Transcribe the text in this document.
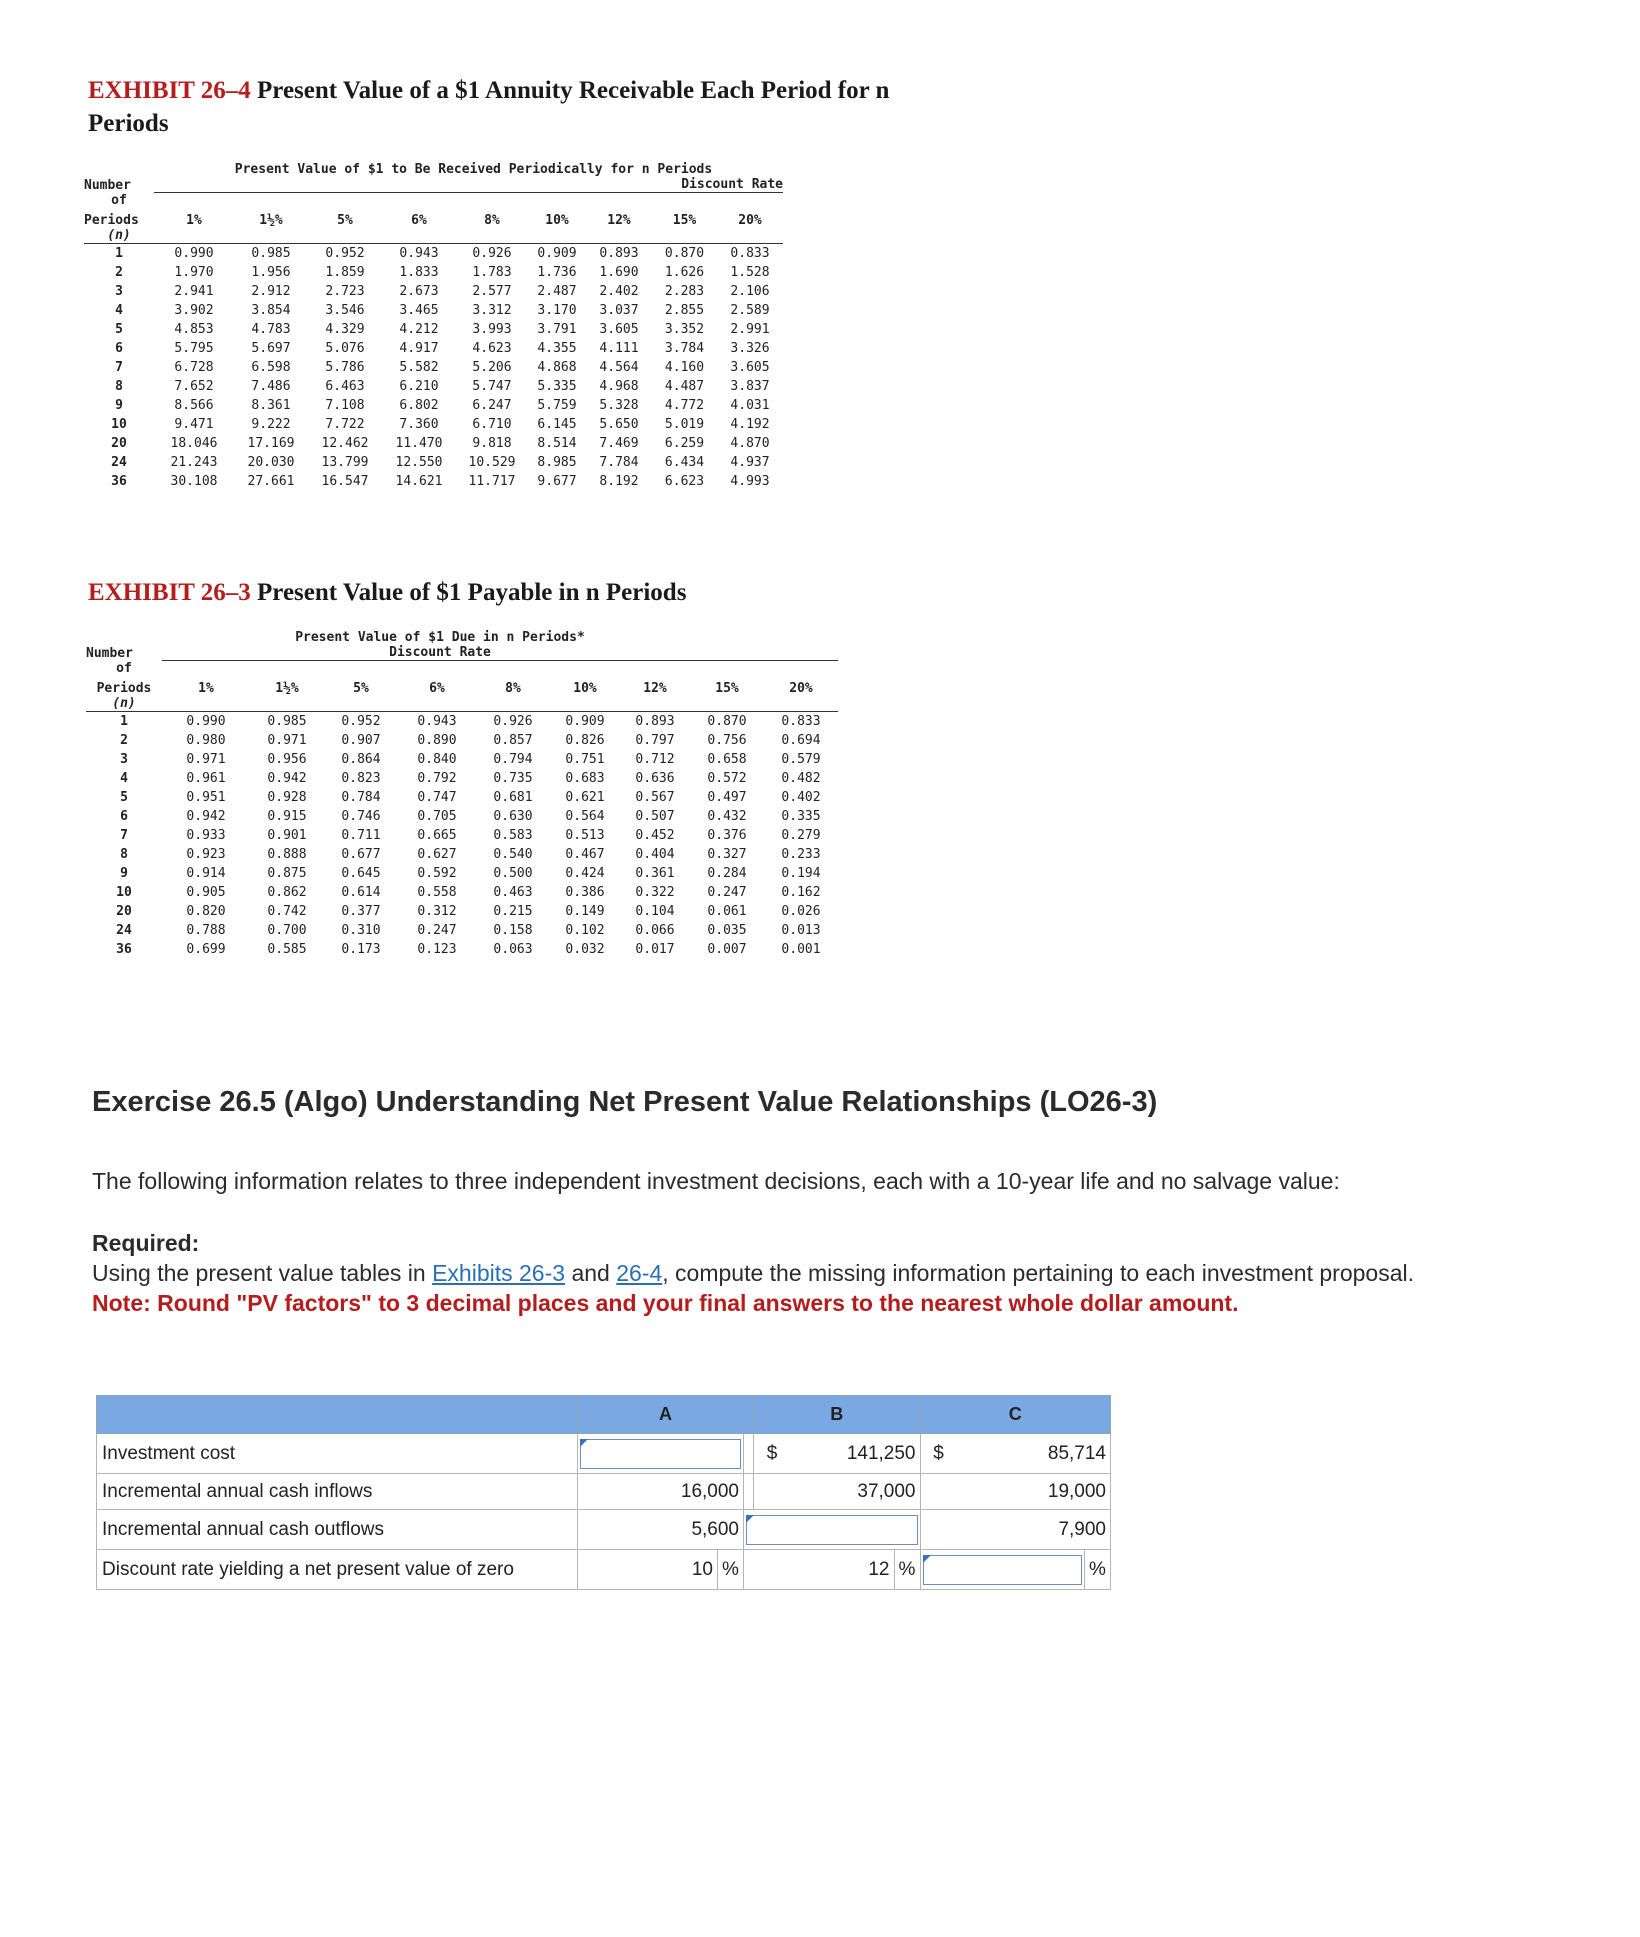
EXHIBIT 26–4 Present Value of a $1 Annuity Receivable Each Period for n
Periods
	Present Value of $1 to Be Received Periodically for n Periods								
Number	Discount Rate								
of									
Periods	1%	1½%	5%	6%	8%	10%	12%	15%	20%
(n)									
1	0.990	0.985	0.952	0.943	0.926	0.909	0.893	0.870	0.833
2	1.970	1.956	1.859	1.833	1.783	1.736	1.690	1.626	1.528
3	2.941	2.912	2.723	2.673	2.577	2.487	2.402	2.283	2.106
4	3.902	3.854	3.546	3.465	3.312	3.170	3.037	2.855	2.589
5	4.853	4.783	4.329	4.212	3.993	3.791	3.605	3.352	2.991
6	5.795	5.697	5.076	4.917	4.623	4.355	4.111	3.784	3.326
7	6.728	6.598	5.786	5.582	5.206	4.868	4.564	4.160	3.605
8	7.652	7.486	6.463	6.210	5.747	5.335	4.968	4.487	3.837
9	8.566	8.361	7.108	6.802	6.247	5.759	5.328	4.772	4.031
10	9.471	9.222	7.722	7.360	6.710	6.145	5.650	5.019	4.192
20	18.046	17.169	12.462	11.470	9.818	8.514	7.469	6.259	4.870
24	21.243	20.030	13.799	12.550	10.529	8.985	7.784	6.434	4.937
36	30.108	27.661	16.547	14.621	11.717	9.677	8.192	6.623	4.993
EXHIBIT 26–3 Present Value of $1 Payable in n Periods
	Present Value of $1 Due in n Periods*								
Number	Discount Rate								
of									
Periods	1%	1½%	5%	6%	8%	10%	12%	15%	20%
(n)									
1	0.990	0.985	0.952	0.943	0.926	0.909	0.893	0.870	0.833
2	0.980	0.971	0.907	0.890	0.857	0.826	0.797	0.756	0.694
3	0.971	0.956	0.864	0.840	0.794	0.751	0.712	0.658	0.579
4	0.961	0.942	0.823	0.792	0.735	0.683	0.636	0.572	0.482
5	0.951	0.928	0.784	0.747	0.681	0.621	0.567	0.497	0.402
6	0.942	0.915	0.746	0.705	0.630	0.564	0.507	0.432	0.335
7	0.933	0.901	0.711	0.665	0.583	0.513	0.452	0.376	0.279
8	0.923	0.888	0.677	0.627	0.540	0.467	0.404	0.327	0.233
9	0.914	0.875	0.645	0.592	0.500	0.424	0.361	0.284	0.194
10	0.905	0.862	0.614	0.558	0.463	0.386	0.322	0.247	0.162
20	0.820	0.742	0.377	0.312	0.215	0.149	0.104	0.061	0.026
24	0.788	0.700	0.310	0.247	0.158	0.102	0.066	0.035	0.013
36	0.699	0.585	0.173	0.123	0.063	0.032	0.017	0.007	0.001
Exercise 26.5 (Algo) Understanding Net Present Value Relationships (LO26-3)
The following information relates to three independent investment decisions, each with a 10-year life and no salvage value:
Required:
Using the present value tables in Exhibits 26-3 and 26-4, compute the missing information pertaining to each investment proposal.
Note: Round "PV factors" to 3 decimal places and your final answers to the nearest whole dollar amount.
	A			B			C		
Investment cost				$	141,250		$	85,714	
Incremental annual cash inflows	16,000			37,000			19,000		
Incremental annual cash outflows	5,600						7,900		
Discount rate yielding a net present value of zero	10	%	12			%			%
